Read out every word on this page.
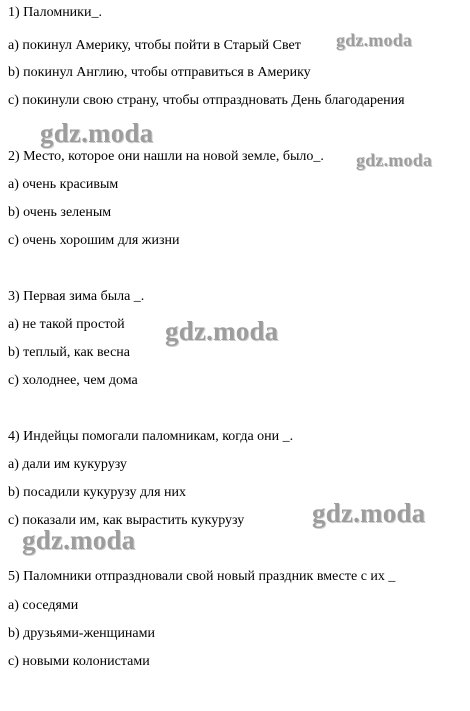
1) Паломники_.
a) покинул Америку, чтобы пойти в Старый Свет
b) покинул Англию, чтобы отправиться в Америку
c) покинули свою страну, чтобы отпраздновать День благодарения
2) Место, которое они нашли на новой земле, было_.
a) очень красивым
b) очень зеленым
c) очень хорошим для жизни
3) Первая зима была _.
a) не такой простой
b) теплый, как весна
c) холоднее, чем дома
4) Индейцы помогали паломникам, когда они _.
a) дали им кукурузу
b) посадили кукурузу для них
c) показали им, как вырастить кукурузу
5) Паломники отпраздновали свой новый праздник вместе с их _
a) соседями
b) друзьями-женщинами
c) новыми колонистами
gdz.moda
gdz.moda
gdz.moda
gdz.moda
gdz.moda
gdz.moda
